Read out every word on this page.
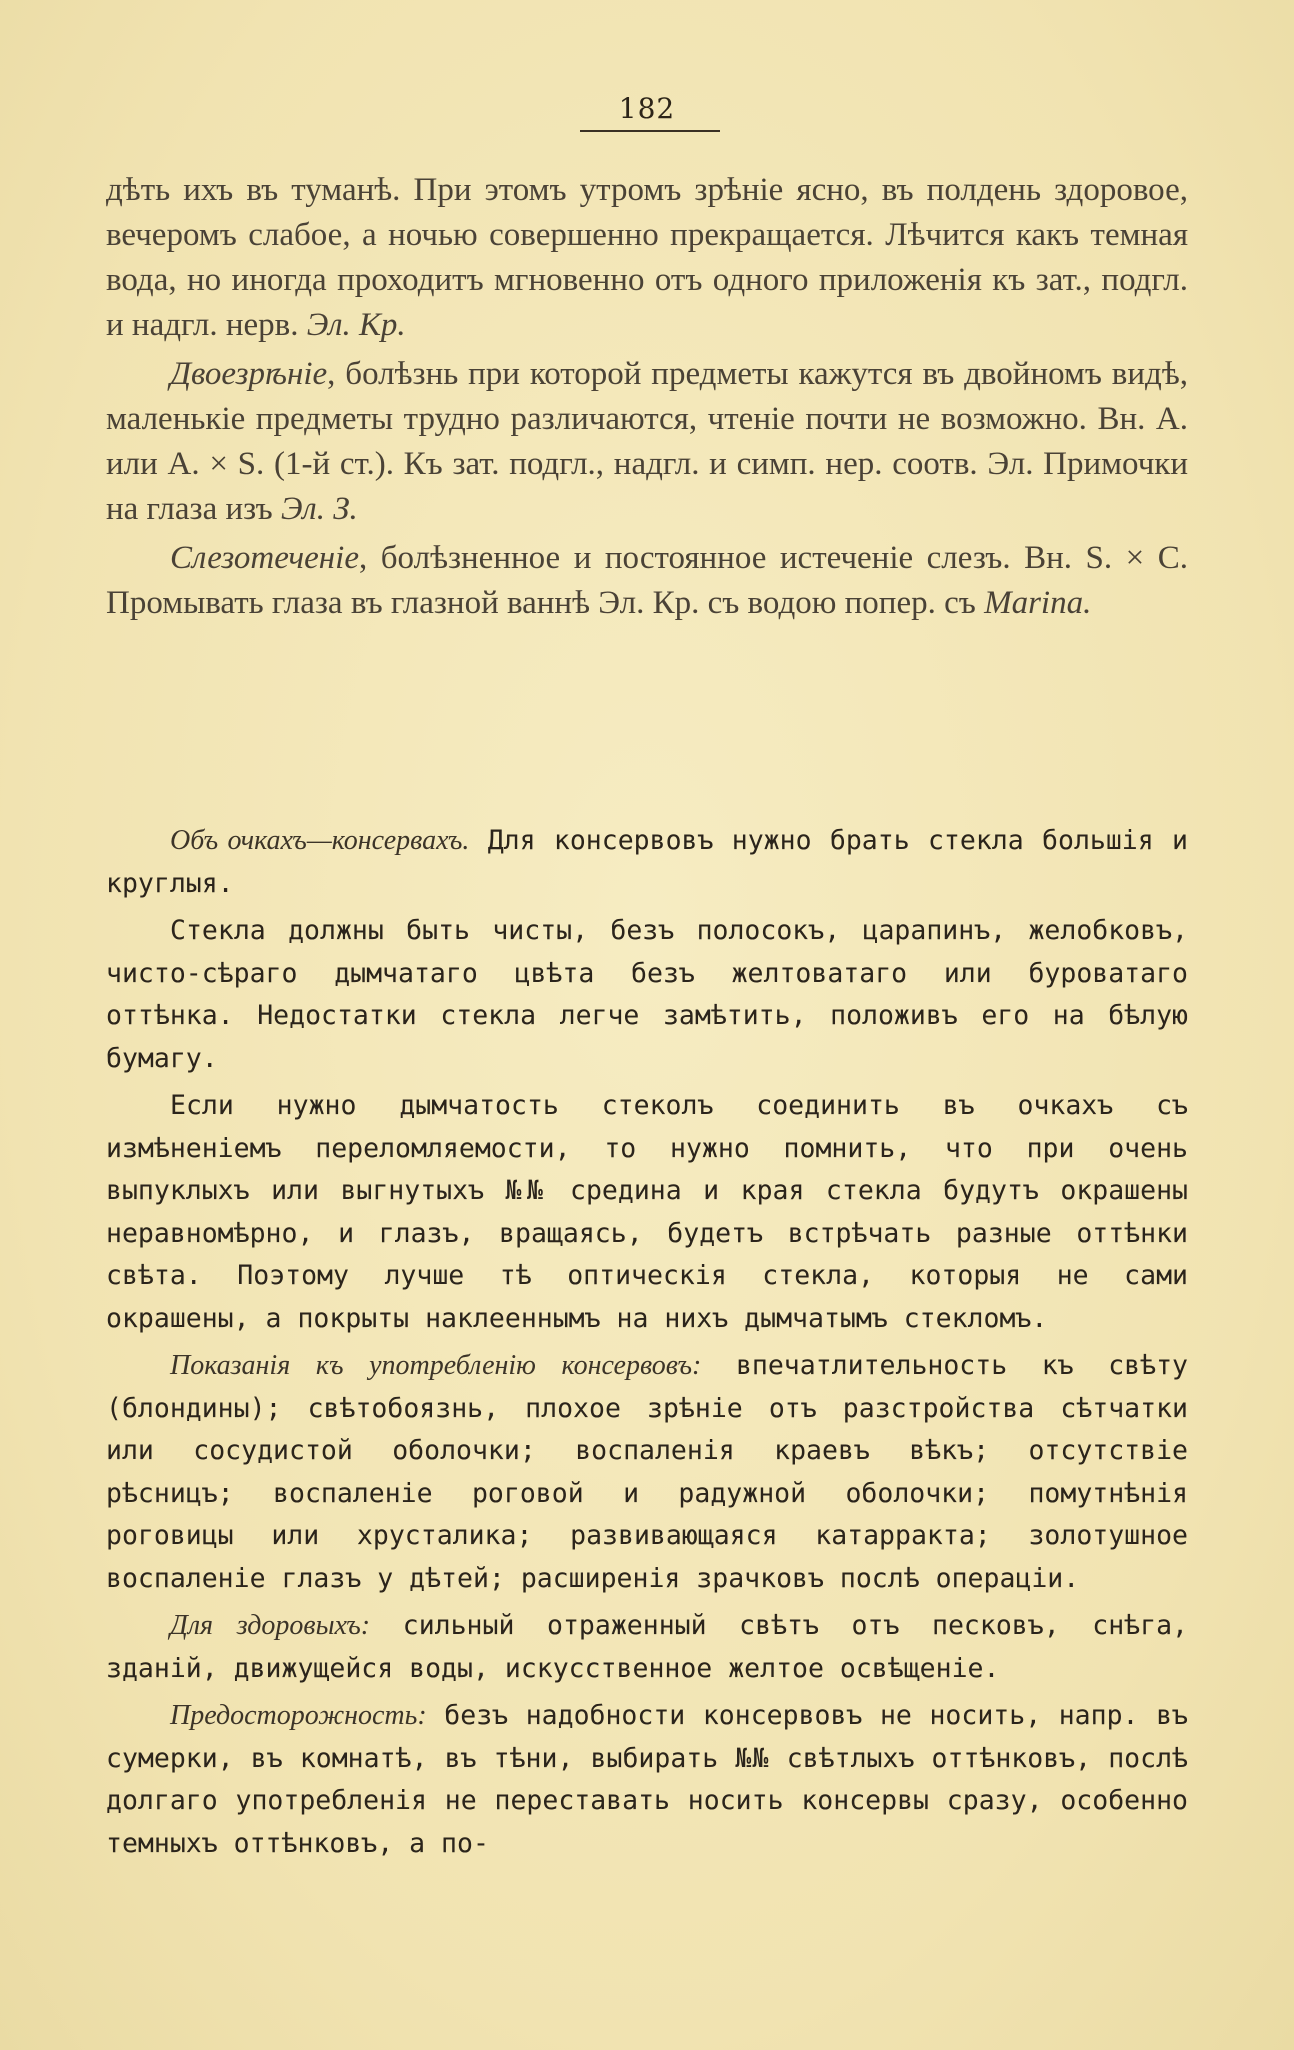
182

дѣть ихъ въ туманѣ. При этомъ утромъ зрѣніе ясно, въ полдень здоровое, вечеромъ слабое, а ночью совершенно прекращается. Лѣчится какъ темная вода, но иногда проходитъ мгновенно отъ одного приложенія къ зат., подгл. и надгл. нерв. Эл. Кр.

Двоезрѣніе, болѣзнь при которой предметы кажутся въ двойномъ видѣ, маленькіе предметы трудно различаются, чтеніе почти не возможно. Вн. А. или А. × S. (1-й ст.). Къ зат. подгл., надгл. и симп. нер. соотв. Эл. Примочки на глаза изъ Эл. З.

Слезотеченіе, болѣзненное и постоянное истеченіе слезъ. Вн. S. × C. Промывать глаза въ глазной ваннѣ Эл. Кр. съ водою попер. съ Marina.

Объ очкахъ—консервахъ. Для консервовъ нужно брать стекла большія и круглыя.

Стекла должны быть чисты, безъ полосокъ, царапинъ, желобковъ, чисто-сѣраго дымчатаго цвѣта безъ желтоватаго или буроватаго оттѣнка. Недостатки стекла легче замѣтить, положивъ его на бѣлую бумагу.

Если нужно дымчатость стеколъ соединить въ очкахъ съ измѣненіемъ переломляемости, то нужно помнить, что при очень выпуклыхъ или выгнутыхъ №№ средина и края стекла будутъ окрашены неравномѣрно, и глазъ, вращаясь, будетъ встрѣчать разные оттѣнки свѣта. Поэтому лучше тѣ оптическія стекла, которыя не сами окрашены, а покрыты наклееннымъ на нихъ дымчатымъ стекломъ.

Показанія къ употребленію консервовъ: впечатлительность къ свѣту (блондины); свѣтобоязнь, плохое зрѣніе отъ разстройства сѣтчатки или сосудистой оболочки; воспаленія краевъ вѣкъ; отсутствіе рѣсницъ; воспаленіе роговой и радужной оболочки; помутнѣнія роговицы или хрусталика; развивающаяся катарракта; золотушное воспаленіе глазъ у дѣтей; расширенія зрачковъ послѣ операціи.

Для здоровыхъ: сильный отраженный свѣтъ отъ песковъ, снѣга, зданій, движущейся воды, искусственное желтое освѣщеніе.

Предосторожность: безъ надобности консервовъ не носить, напр. въ сумерки, въ комнатѣ, въ тѣни, выбирать №№ свѣтлыхъ оттѣнковъ, послѣ долгаго употребленія не переставать носить консервы сразу, особенно темныхъ оттѣнковъ, а по-
